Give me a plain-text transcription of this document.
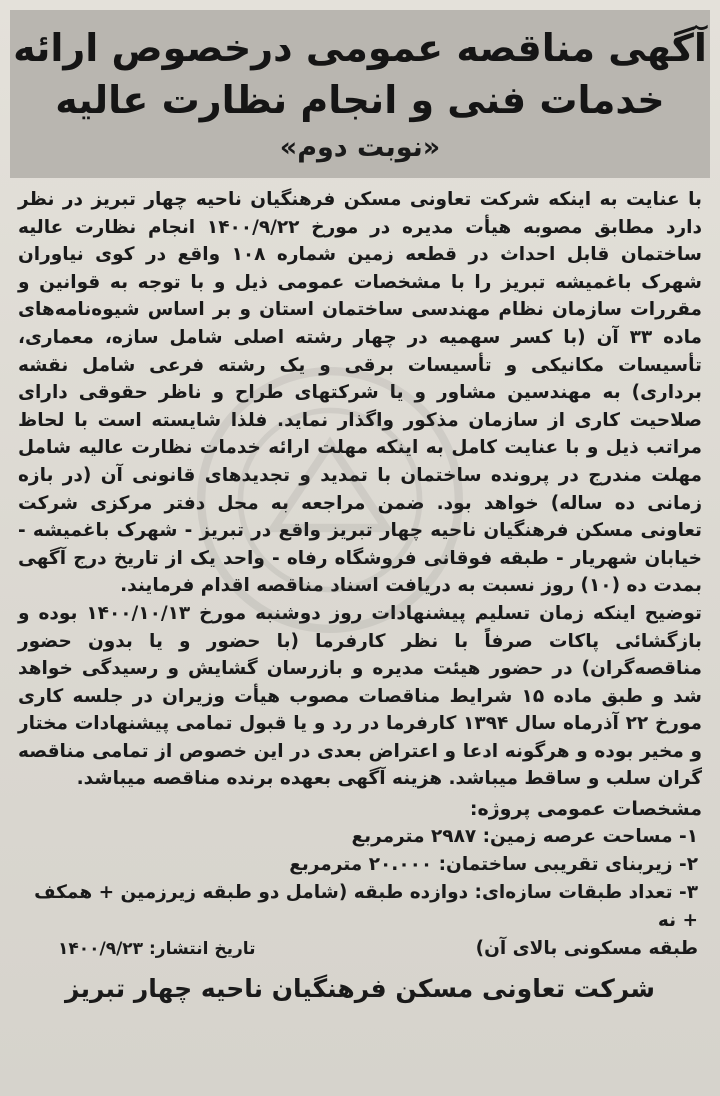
آگهی مناقصه عمومی درخصوص ارائه
خدمات فنی و انجام نظارت عالیه
«نوبت دوم»

با عنایت به اینکه شرکت تعاونی مسکن فرهنگیان ناحیه چهار تبریز در نظر دارد مطابق مصوبه هیأت مدیره در مورخ ۱۴۰۰/۹/۲۲ انجام نظارت عالیه ساختمان قابل احداث در قطعه زمین شماره ۱۰۸ واقع در کوی نیاوران شهرک باغمیشه تبریز را با مشخصات عمومی ذیل و با توجه به قوانین و مقررات سازمان نظام مهندسی ساختمان استان و بر اساس شیوه‌نامه‌های ماده ۳۳ آن (با کسر سهمیه در چهار رشته اصلی شامل سازه، معماری، تأسیسات مکانیکی و تأسیسات برقی و یک رشته فرعی شامل نقشه برداری) به مهندسین مشاور و یا شرکتهای طراح و ناظر حقوقی دارای صلاحیت کاری از سازمان مذکور واگذار نماید. فلذا شایسته است با لحاظ مراتب ذیل و با عنایت کامل به اینکه مهلت ارائه خدمات نظارت عالیه شامل مهلت مندرج در پرونده ساختمان با تمدید و تجدیدهای قانونی آن (در بازه زمانی ده ساله) خواهد بود. ضمن مراجعه به محل دفتر مرکزی شرکت تعاونی مسکن فرهنگیان ناحیه چهار تبریز واقع در تبریز - شهرک باغمیشه - خیابان شهریار - طبقه فوقانی فروشگاه رفاه - واحد یک از تاریخ درج آگهی بمدت ده (۱۰) روز نسبت به دریافت اسناد مناقصه اقدام فرمایند.

توضیح اینکه زمان تسلیم پیشنهادات روز دوشنبه مورخ ۱۴۰۰/۱۰/۱۳ بوده و بازگشائی پاکات صرفاً با نظر کارفرما (با حضور و یا بدون حضور مناقصه‌گران) در حضور هیئت مدیره و بازرسان گشایش و رسیدگی خواهد شد و طبق ماده ۱۵ شرایط مناقصات مصوب هیأت وزیران در جلسه کاری مورخ ۲۲ آذرماه سال ۱۳۹۴ کارفرما در رد و یا قبول تمامی پیشنهادات مختار و مخیر بوده و هرگونه ادعا و اعتراض بعدی در این خصوص از تمامی مناقصه گران سلب و ساقط میباشد. هزینه آگهی بعهده برنده مناقصه میباشد.

مشخصات عمومی پروژه:
۱- مساحت عرصه زمین: ۲۹۸۷ مترمربع
۲- زیربنای تقریبی ساختمان: ۲۰.۰۰۰ مترمربع
۳- تعداد طبقات سازه‌ای: دوازده طبقه (شامل دو طبقه زیرزمین + همکف + نه
طبقه مسکونی بالای آن)
تاریخ انتشار: ۱۴۰۰/۹/۲۳
شرکت تعاونی مسکن فرهنگیان ناحیه چهار تبریز
